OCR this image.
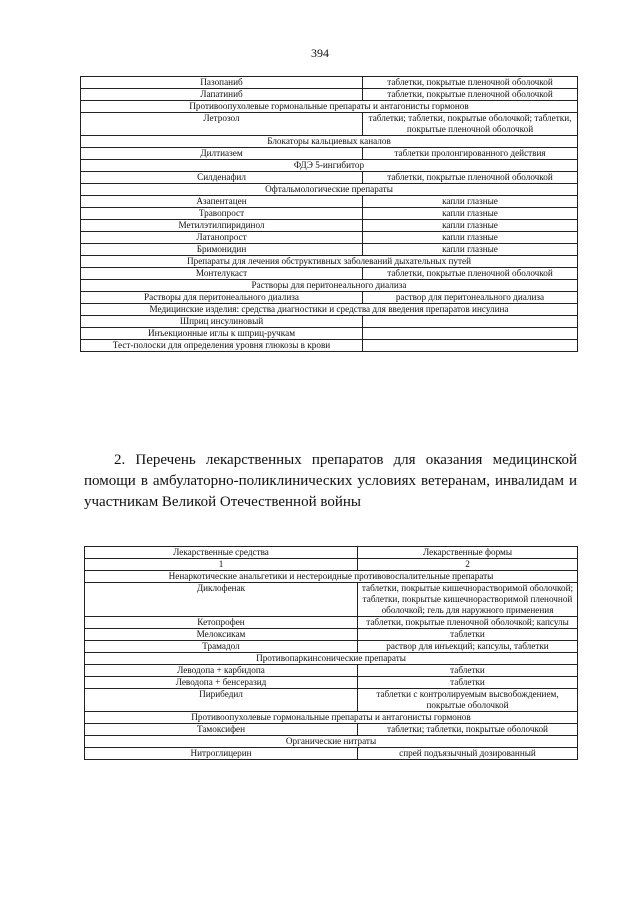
394
Пазопаниб	таблетки, покрытые пленочной оболочкой
Лапатиниб	таблетки, покрытые пленочной оболочкой
Противоопухолевые гормональные препараты и антагонисты гормонов	
Летрозол	таблетки; таблетки, покрытые оболочкой; таблетки, покрытые пленочной оболочкой
Блокаторы кальциевых каналов	
Дилтиазем	таблетки пролонгированного действия
ФДЭ 5-ингибитор	
Силденафил	таблетки, покрытые пленочной оболочкой
Офтальмологические препараты	
Азапентацен	капли глазные
Травопрост	капли глазные
Метилэтилпиридинол	капли глазные
Латанопрост	капли глазные
Бримонидин	капли глазные
Препараты для лечения обструктивных заболеваний дыхательных путей	
Монтелукаст	таблетки, покрытые пленочной оболочкой
Растворы для перитонеального диализа	
Растворы для перитонеального диализа	раствор для перитонеального диализа
Медицинские изделия: средства диагностики и средства для введения препаратов инсулина	
Шприц инсулиновый	
Инъекционные иглы к шприц-ручкам	
Тест-полоски для определения уровня глюкозы в крови	
2. Перечень лекарственных препаратов для оказания медицинской помощи в амбулаторно-поликлинических условиях ветеранам, инвалидам и участникам Великой Отечественной войны
Лекарственные средства	Лекарственные формы
1	2
Ненаркотические анальгетики и нестероидные противовоспалительные препараты	
Диклофенак	таблетки, покрытые кишечнорастворимой оболочкой; таблетки, покрытые кишечнорастворимой пленочной оболочкой; гель для наружного применения
Кетопрофен	таблетки, покрытые пленочной оболочкой; капсулы
Мелоксикам	таблетки
Трамадол	раствор для инъекций; капсулы, таблетки
Противопаркинсонические препараты	
Леводопа + карбидопа	таблетки
Леводопа + бенсеразид	таблетки
Пирибедил	таблетки с контролируемым высвобождением, покрытые оболочкой
Противоопухолевые гормональные препараты и антагонисты гормонов	
Тамоксифен	таблетки; таблетки, покрытые оболочкой
Органические нитраты	
Нитроглицерин	спрей подъязычный дозированный
